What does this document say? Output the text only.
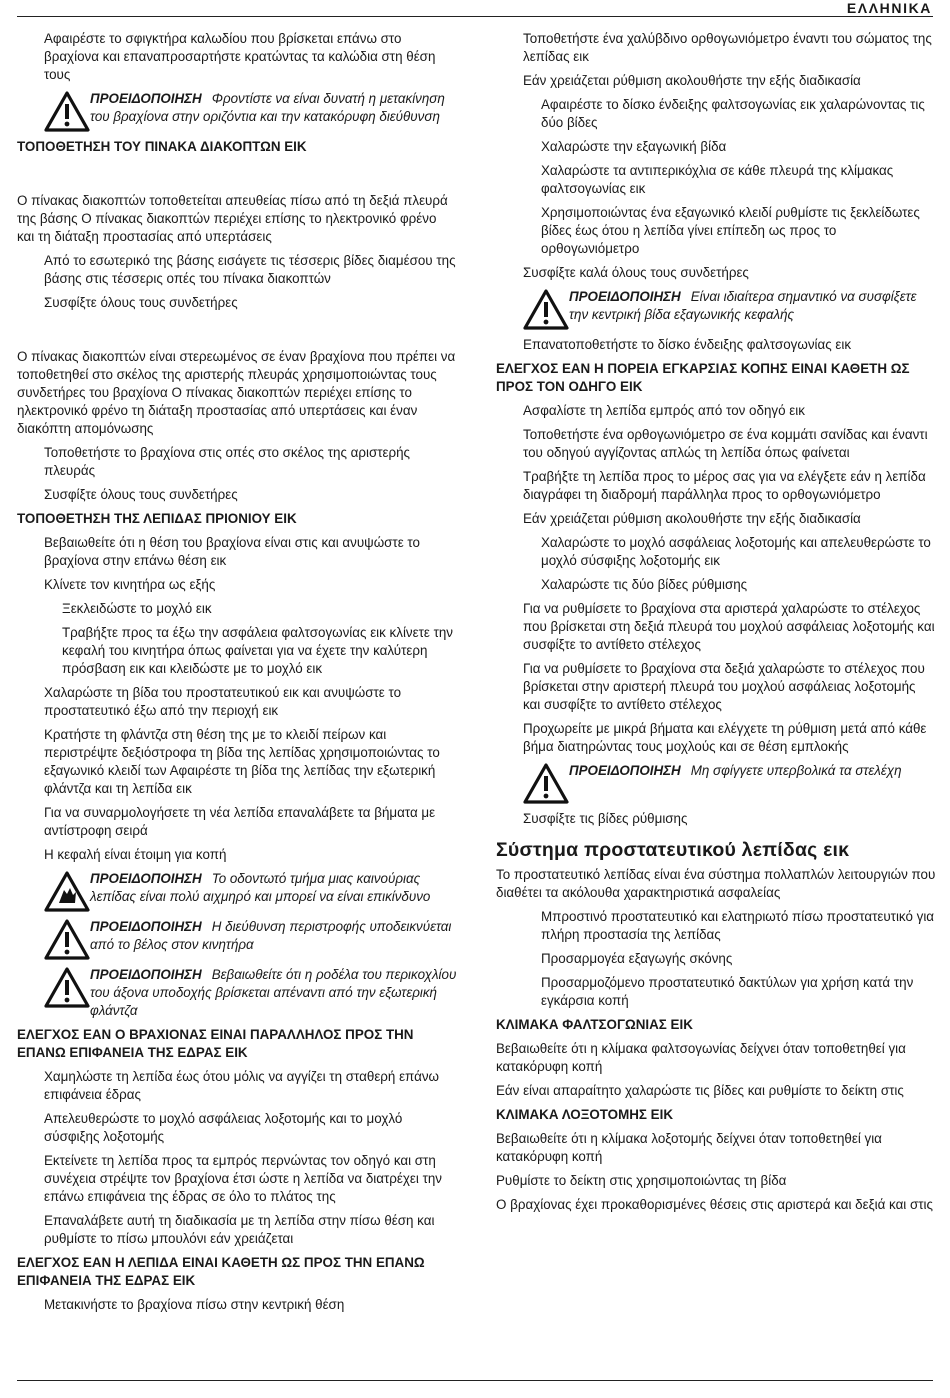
ΕΛΛΗΝΙΚΑ

Αφαιρέστε το σφιγκτήρα καλωδίου που βρίσκεται επάνω στο βραχίονα και επαναπροσαρτήστε κρατώντας τα καλώδια στη θέση τους

ΠΡΟΕΙΔΟΠΟΙΗΣΗ Φροντίστε να είναι δυνατή η μετακίνηση του βραχίονα στην οριζόντια και την κατακόρυφη διεύθυνση

ΤΟΠΟΘΕΤΗΣΗ ΤΟΥ ΠΙΝΑΚΑ ΔΙΑΚΟΠΤΩΝ ΕΙΚ

Ο πίνακας διακοπτών τοποθετείται απευθείας πίσω από τη δεξιά πλευρά της βάσης Ο πίνακας διακοπτών περιέχει επίσης το ηλεκτρονικό φρένο και τη διάταξη προστασίας από υπερτάσεις

Από το εσωτερικό της βάσης εισάγετε τις τέσσερις βίδες διαμέσου της βάσης στις τέσσερις οπές του πίνακα διακοπτών

Συσφίξτε όλους τους συνδετήρες

Ο πίνακας διακοπτών είναι στερεωμένος σε έναν βραχίονα που πρέπει να τοποθετηθεί στο σκέλος της αριστερής πλευράς χρησιμοποιώντας τους συνδετήρες του βραχίονα Ο πίνακας διακοπτών περιέχει επίσης το ηλεκτρονικό φρένο τη διάταξη προστασίας από υπερτάσεις και έναν διακόπτη απομόνωσης

Τοποθετήστε το βραχίονα στις οπές στο σκέλος της αριστερής πλευράς

Συσφίξτε όλους τους συνδετήρες

ΤΟΠΟΘΕΤΗΣΗ ΤΗΣ ΛΕΠΙΔΑΣ ΠΡΙΟΝΙΟΥ ΕΙΚ

Βεβαιωθείτε ότι η θέση του βραχίονα είναι στις και ανυψώστε το βραχίονα στην επάνω θέση εικ

Κλίνετε τον κινητήρα ως εξής

Ξεκλειδώστε το μοχλό εικ

Τραβήξτε προς τα έξω την ασφάλεια φαλτσογωνίας εικ κλίνετε την κεφαλή του κινητήρα όπως φαίνεται για να έχετε την καλύτερη πρόσβαση εικ και κλειδώστε με το μοχλό εικ

Χαλαρώστε τη βίδα του προστατευτικού εικ και ανυψώστε το προστατευτικό έξω από την περιοχή εικ

Κρατήστε τη φλάντζα στη θέση της με το κλειδί πείρων και περιστρέψτε δεξιόστροφα τη βίδα της λεπίδας χρησιμοποιώντας το εξαγωνικό κλειδί των Αφαιρέστε τη βίδα της λεπίδας την εξωτερική φλάντζα και τη λεπίδα εικ

Για να συναρμολογήσετε τη νέα λεπίδα επαναλάβετε τα βήματα με αντίστροφη σειρά

Η κεφαλή είναι έτοιμη για κοπή

ΠΡΟΕΙΔΟΠΟΙΗΣΗ Το οδοντωτό τμήμα μιας καινούριας λεπίδας είναι πολύ αιχμηρό και μπορεί να είναι επικίνδυνο

ΠΡΟΕΙΔΟΠΟΙΗΣΗ Η διεύθυνση περιστροφής υποδεικνύεται από το βέλος στον κινητήρα

ΠΡΟΕΙΔΟΠΟΙΗΣΗ Βεβαιωθείτε ότι η ροδέλα του περικοχλίου του άξονα υποδοχής βρίσκεται απέναντι από την εξωτερική φλάντζα

ΕΛΕΓΧΟΣ ΕΑΝ Ο ΒΡΑΧΙΟΝΑΣ ΕΙΝΑΙ ΠΑΡΑΛΛΗΛΟΣ ΠΡΟΣ ΤΗΝ ΕΠΑΝΩ ΕΠΙΦΑΝΕΙΑ ΤΗΣ ΕΔΡΑΣ ΕΙΚ

Χαμηλώστε τη λεπίδα έως ότου μόλις να αγγίζει τη σταθερή επάνω επιφάνεια έδρας

Απελευθερώστε το μοχλό ασφάλειας λοξοτομής και το μοχλό σύσφιξης λοξοτομής

Εκτείνετε τη λεπίδα προς τα εμπρός περνώντας τον οδηγό και στη συνέχεια στρέψτε τον βραχίονα έτσι ώστε η λεπίδα να διατρέχει την επάνω επιφάνεια της έδρας σε όλο το πλάτος της

Επαναλάβετε αυτή τη διαδικασία με τη λεπίδα στην πίσω θέση και ρυθμίστε το πίσω μπουλόνι εάν χρειάζεται

ΕΛΕΓΧΟΣ ΕΑΝ Η ΛΕΠΙΔΑ ΕΙΝΑΙ ΚΑΘΕΤΗ ΩΣ ΠΡΟΣ ΤΗΝ ΕΠΑΝΩ ΕΠΙΦΑΝΕΙΑ ΤΗΣ ΕΔΡΑΣ ΕΙΚ

Μετακινήστε το βραχίονα πίσω στην κεντρική θέση

Τοποθετήστε ένα χαλύβδινο ορθογωνιόμετρο έναντι του σώματος της λεπίδας εικ

Εάν χρειάζεται ρύθμιση ακολουθήστε την εξής διαδικασία

Αφαιρέστε το δίσκο ένδειξης φαλτσογωνίας εικ χαλαρώνοντας τις δύο βίδες

Χαλαρώστε την εξαγωνική βίδα

Χαλαρώστε τα αντιπερικόχλια σε κάθε πλευρά της κλίμακας φαλτσογωνίας εικ

Χρησιμοποιώντας ένα εξαγωνικό κλειδί ρυθμίστε τις ξεκλείδωτες βίδες έως ότου η λεπίδα γίνει επίπεδη ως προς το ορθογωνιόμετρο

Συσφίξτε καλά όλους τους συνδετήρες

ΠΡΟΕΙΔΟΠΟΙΗΣΗ Είναι ιδιαίτερα σημαντικό να συσφίξετε την κεντρική βίδα εξαγωνικής κεφαλής

Επανατοποθετήστε το δίσκο ένδειξης φαλτσογωνίας εικ

ΕΛΕΓΧΟΣ ΕΑΝ Η ΠΟΡΕΙΑ ΕΓΚΑΡΣΙΑΣ ΚΟΠΗΣ ΕΙΝΑΙ ΚΑΘΕΤΗ ΩΣ ΠΡΟΣ ΤΟΝ ΟΔΗΓΟ ΕΙΚ

Ασφαλίστε τη λεπίδα εμπρός από τον οδηγό εικ

Τοποθετήστε ένα ορθογωνιόμετρο σε ένα κομμάτι σανίδας και έναντι του οδηγού αγγίζοντας απλώς τη λεπίδα όπως φαίνεται

Τραβήξτε τη λεπίδα προς το μέρος σας για να ελέγξετε εάν η λεπίδα διαγράφει τη διαδρομή παράλληλα προς το ορθογωνιόμετρο

Εάν χρειάζεται ρύθμιση ακολουθήστε την εξής διαδικασία

Χαλαρώστε το μοχλό ασφάλειας λοξοτομής και απελευθερώστε το μοχλό σύσφιξης λοξοτομής εικ

Χαλαρώστε τις δύο βίδες ρύθμισης

Για να ρυθμίσετε το βραχίονα στα αριστερά χαλαρώστε το στέλεχος που βρίσκεται στη δεξιά πλευρά του μοχλού ασφάλειας λοξοτομής και συσφίξτε το αντίθετο στέλεχος

Για να ρυθμίσετε το βραχίονα στα δεξιά χαλαρώστε το στέλεχος που βρίσκεται στην αριστερή πλευρά του μοχλού ασφάλειας λοξοτομής και συσφίξτε το αντίθετο στέλεχος

Προχωρείτε με μικρά βήματα και ελέγχετε τη ρύθμιση μετά από κάθε βήμα διατηρώντας τους μοχλούς και σε θέση εμπλοκής

ΠΡΟΕΙΔΟΠΟΙΗΣΗ Μη σφίγγετε υπερβολικά τα στελέχη

Συσφίξτε τις βίδες ρύθμισης

Σύστημα προστατευτικού λεπίδας εικ

Το προστατευτικό λεπίδας είναι ένα σύστημα πολλαπλών λειτουργιών που διαθέτει τα ακόλουθα χαρακτηριστικά ασφαλείας

Μπροστινό προστατευτικό και ελατηριωτό πίσω προστατευτικό για πλήρη προστασία της λεπίδας

Προσαρμογέα εξαγωγής σκόνης

Προσαρμοζόμενο προστατευτικό δακτύλων για χρήση κατά την εγκάρσια κοπή

ΚΛΙΜΑΚΑ ΦΑΛΤΣΟΓΩΝΙΑΣ ΕΙΚ

Βεβαιωθείτε ότι η κλίμακα φαλτσογωνίας δείχνει όταν τοποθετηθεί για κατακόρυφη κοπή

Εάν είναι απαραίτητο χαλαρώστε τις βίδες και ρυθμίστε το δείκτη στις

ΚΛΙΜΑΚΑ ΛΟΞΟΤΟΜΗΣ ΕΙΚ

Βεβαιωθείτε ότι η κλίμακα λοξοτομής δείχνει όταν τοποθετηθεί για κατακόρυφη κοπή

Ρυθμίστε το δείκτη στις χρησιμοποιώντας τη βίδα

Ο βραχίονας έχει προκαθορισμένες θέσεις στις αριστερά και δεξιά και στις
